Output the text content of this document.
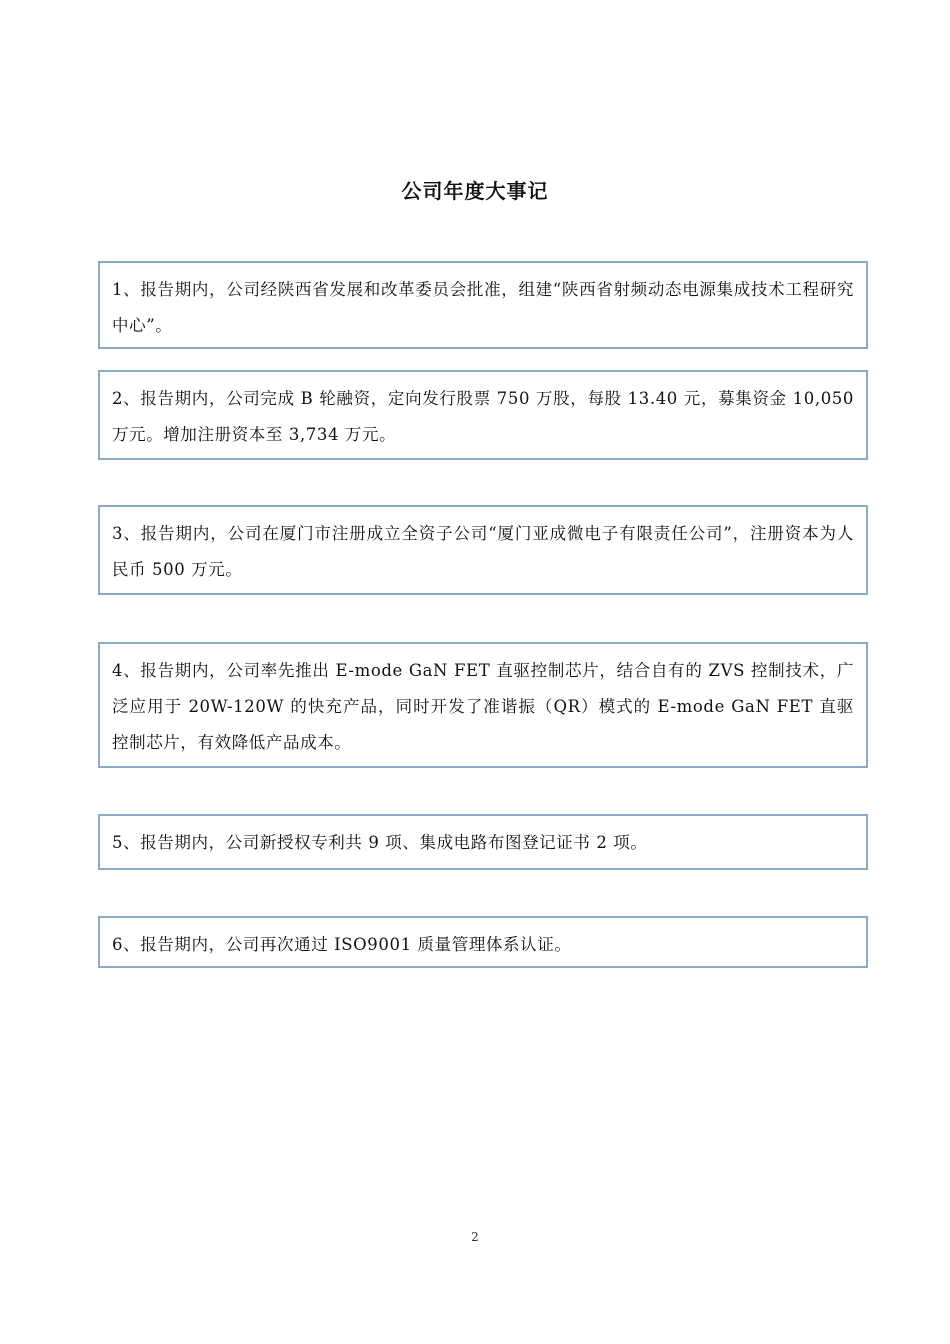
公司年度大事记
1、报告期内，公司经陕西省发展和改革委员会批准，组建“陕西省射频动态电源集成技术工程研究中心”。
2、报告期内，公司完成 B 轮融资，定向发行股票 750 万股，每股 13.40 元，募集资金 10,050 万元。增加注册资本至 3,734 万元。
3、报告期内，公司在厦门市注册成立全资子公司“厦门亚成微电子有限责任公司”，注册资本为人民币 500 万元。
4、报告期内，公司率先推出 E-mode GaN FET 直驱控制芯片，结合自有的 ZVS 控制技术，广泛应用于 20W-120W 的快充产品，同时开发了准谐振（QR）模式的 E-mode GaN FET 直驱控制芯片，有效降低产品成本。
5、报告期内，公司新授权专利共 9 项、集成电路布图登记证书 2 项。
6、报告期内，公司再次通过 ISO9001 质量管理体系认证。
2
